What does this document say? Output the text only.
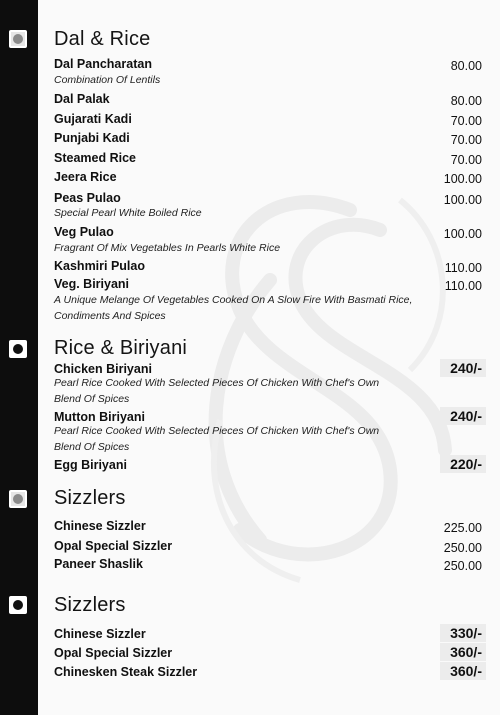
Dal & Rice
Dal Pancharatan	80.00
Combination Of Lentils
Dal Palak	80.00
Gujarati Kadi	70.00
Punjabi Kadi	70.00
Steamed Rice	70.00
Jeera Rice	100.00
Peas Pulao	100.00
Special Pearl White Boiled Rice
Veg Pulao	100.00
Fragrant Of Mix Vegetables In Pearls White Rice
Kashmiri Pulao	110.00
Veg. Biriyani	110.00
A Unique Melange Of Vegetables Cooked On A Slow Fire With Basmati Rice, Condiments And Spices
Rice & Biriyani
Chicken Biriyani	240/-
Pearl Rice Cooked With Selected Pieces Of Chicken With Chef's Own Blend Of Spices
Mutton Biriyani	240/-
Pearl Rice Cooked With Selected Pieces Of Chicken With Chef's Own Blend Of Spices
Egg Biriyani	220/-
Sizzlers
Chinese Sizzler	225.00
Opal Special Sizzler	250.00
Paneer Shaslik	250.00
Sizzlers
Chinese Sizzler	330/-
Opal Special Sizzler	360/-
Chinesken Steak Sizzler	360/-
